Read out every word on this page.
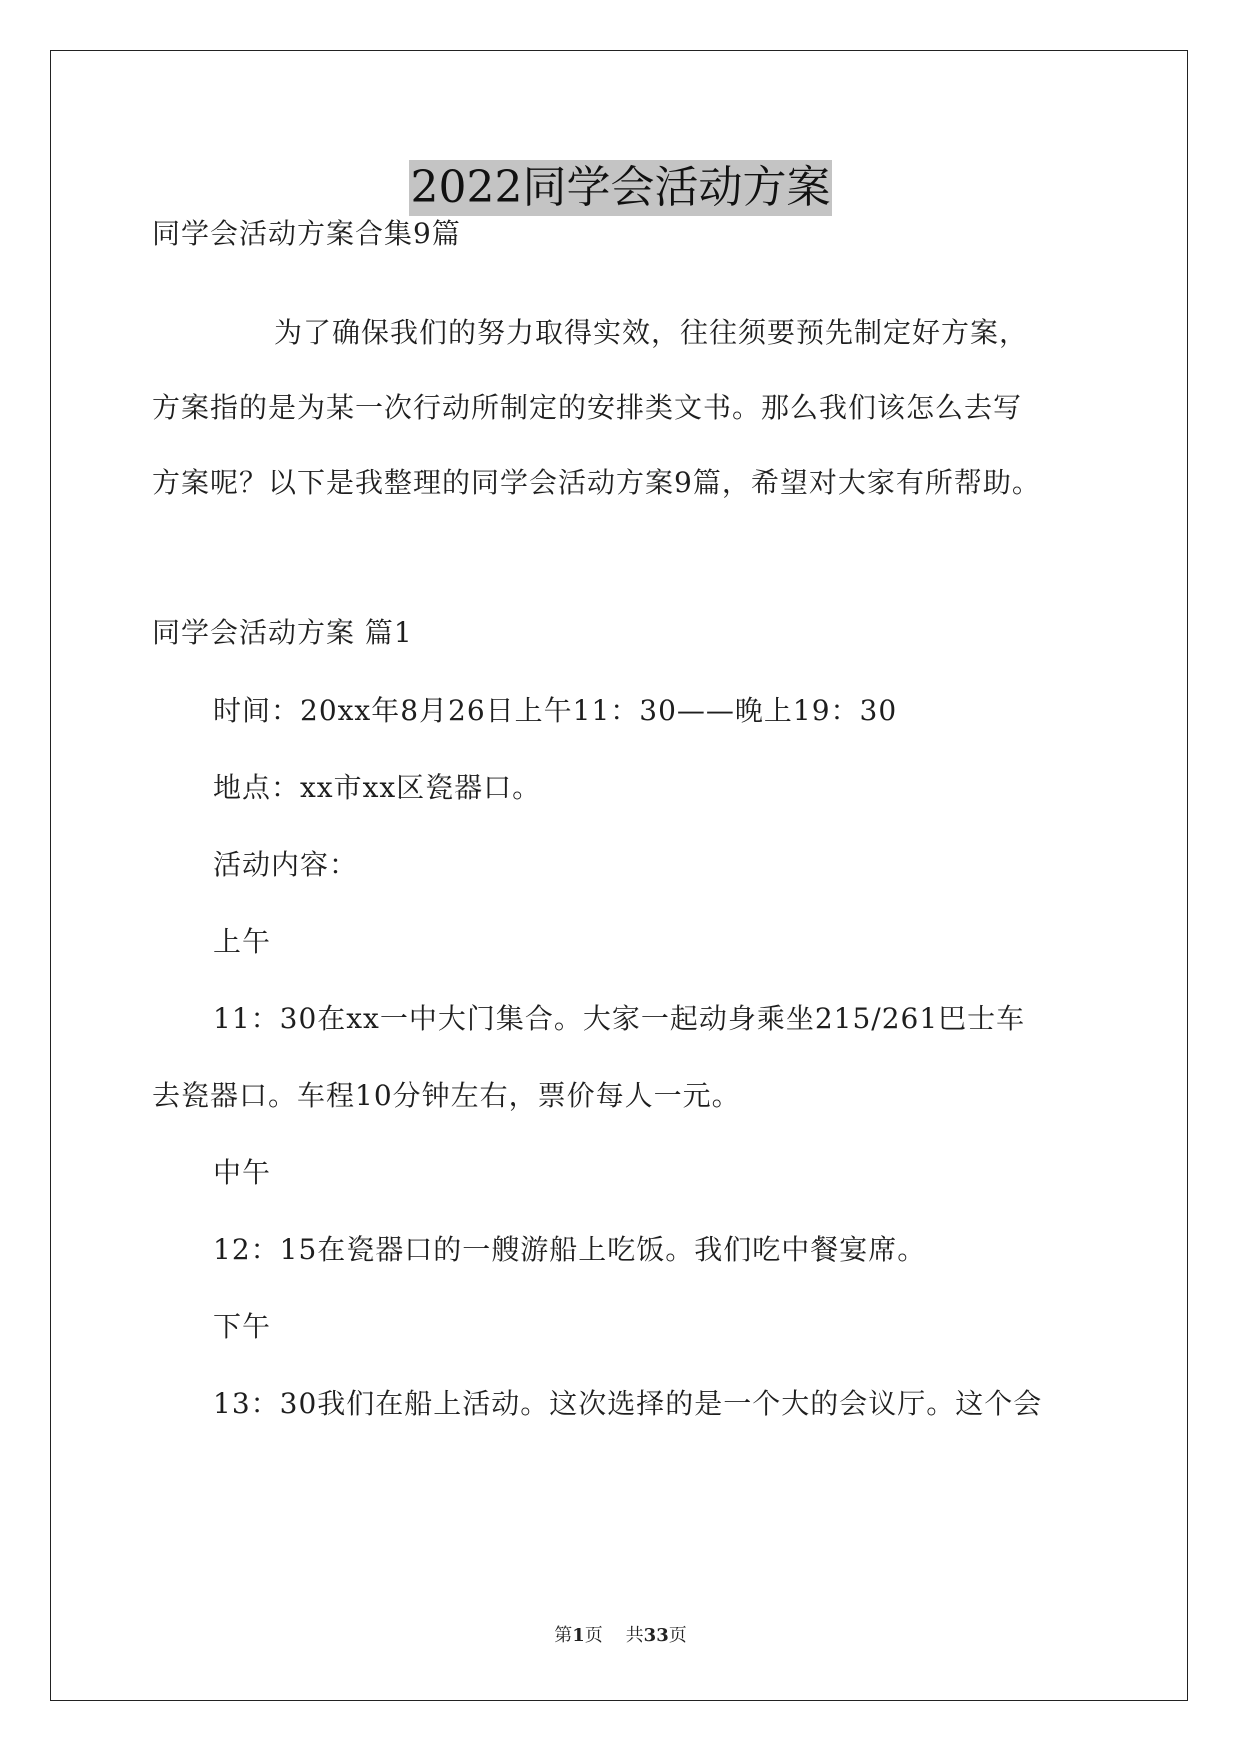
2022同学会活动方案
同学会活动方案合集9篇
为了确保我们的努力取得实效，往往须要预先制定好方案，
方案指的是为某一次行动所制定的安排类文书。那么我们该怎么去写
方案呢？以下是我整理的同学会活动方案9篇，希望对大家有所帮助。
同学会活动方案 篇1
时间：20xx年8月26日上午11：30——晚上19：30
地点：xx市xx区瓷器口。
活动内容：
上午
11：30在xx一中大门集合。大家一起动身乘坐215/261巴士车
去瓷器口。车程10分钟左右，票价每人一元。
中午
12：15在瓷器口的一艘游船上吃饭。我们吃中餐宴席。
下午
13：30我们在船上活动。这次选择的是一个大的会议厅。这个会
第1页    共33页
